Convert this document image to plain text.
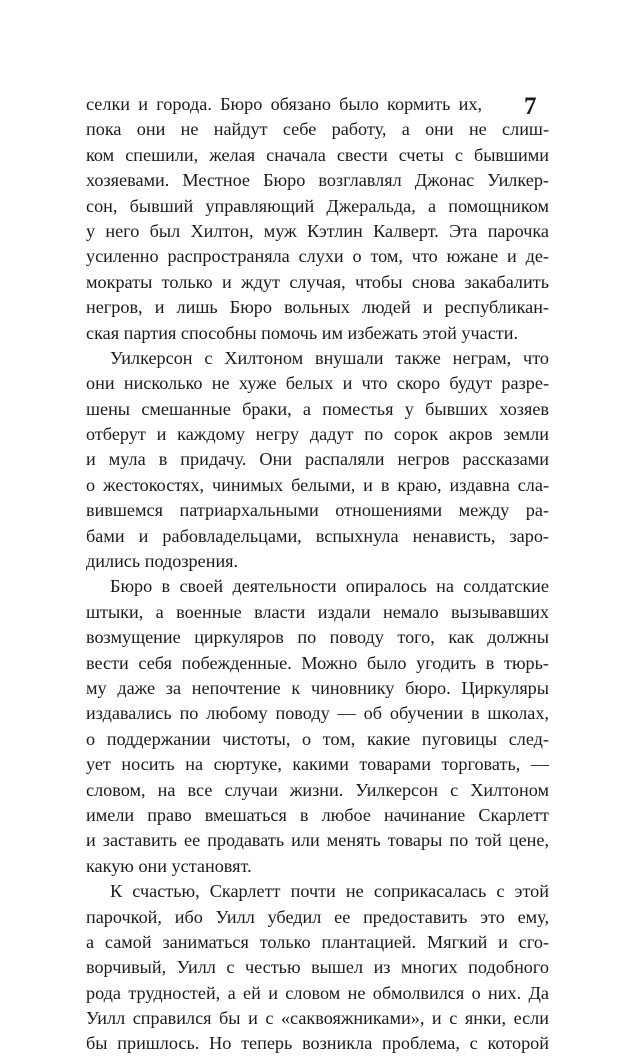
7
селки и города. Бюро обязано было кормить их,
пока они не найдут себе работу, а они не слиш-
ком спешили, желая сначала свести счеты с бывшими
хозяевами. Местное Бюро возглавлял Джонас Уилкер-
сон, бывший управляющий Джеральда, а помощником
у него был Хилтон, муж Кэтлин Калверт. Эта парочка
усиленно распространяла слухи о том, что южане и де-
мократы только и ждут случая, чтобы снова закабалить
негров, и лишь Бюро вольных людей и республикан-
ская партия способны помочь им избежать этой участи.
Уилкерсон с Хилтоном внушали также неграм, что
они нисколько не хуже белых и что скоро будут разре-
шены смешанные браки, а поместья у бывших хозяев
отберут и каждому негру дадут по сорок акров земли
и мула в придачу. Они распаляли негров рассказами
о жестокостях, чинимых белыми, и в краю, издавна сла-
вившемся патриархальными отношениями между ра-
бами и рабовладельцами, вспыхнула ненависть, заро-
дились подозрения.
Бюро в своей деятельности опиралось на солдатские
штыки, а военные власти издали немало вызывавших
возмущение циркуляров по поводу того, как должны
вести себя побежденные. Можно было угодить в тюрь-
му даже за непочтение к чиновнику бюро. Циркуляры
издавались по любому поводу — об обучении в школах,
о поддержании чистоты, о том, какие пуговицы след-
ует носить на сюртуке, какими товарами торговать, —
словом, на все случаи жизни. Уилкерсон с Хилтоном
имели право вмешаться в любое начинание Скарлетт
и заставить ее продавать или менять товары по той цене,
какую они установят.
К счастью, Скарлетт почти не соприкасалась с этой
парочкой, ибо Уилл убедил ее предоставить это ему,
а самой заниматься только плантацией. Мягкий и сго-
ворчивый, Уилл с честью вышел из многих подобного
рода трудностей, а ей и словом не обмолвился о них. Да
Уилл справился бы и с «саквояжниками», и с янки, если
бы пришлось. Но теперь возникла проблема, с которой
